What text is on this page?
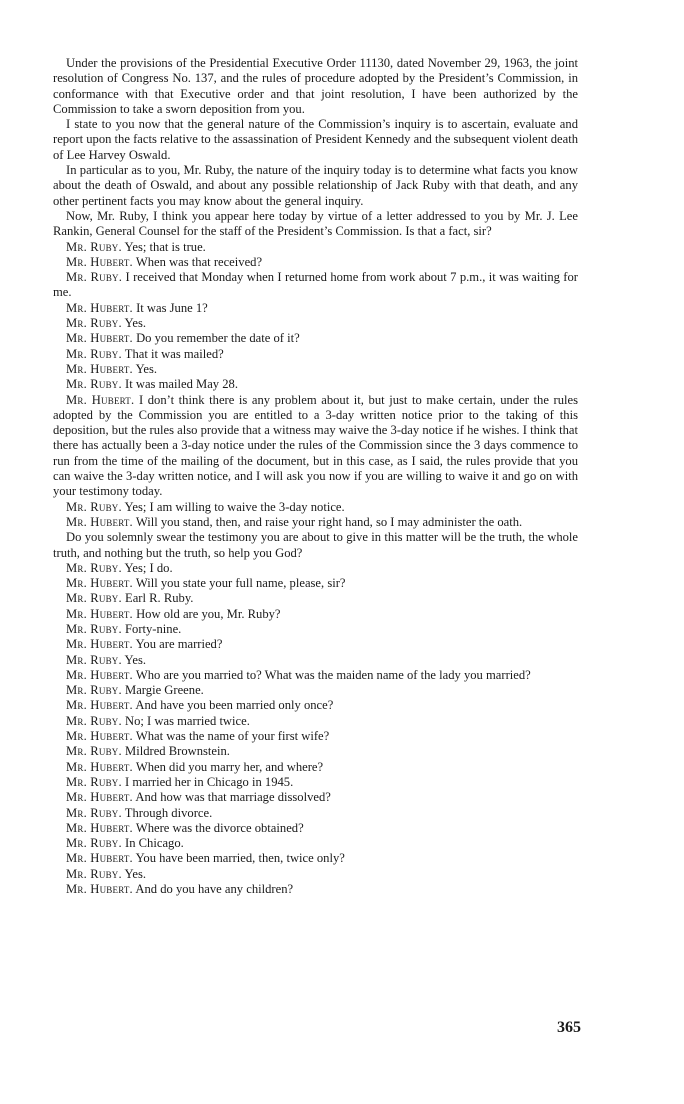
Under the provisions of the Presidential Executive Order 11130, dated November 29, 1963, the joint resolution of Congress No. 137, and the rules of procedure adopted by the President’s Commission, in conformance with that Executive order and that joint resolution, I have been authorized by the Commission to take a sworn deposition from you.

I state to you now that the general nature of the Commission’s inquiry is to ascertain, evaluate and report upon the facts relative to the assassination of President Kennedy and the subsequent violent death of Lee Harvey Oswald.

In particular as to you, Mr. Ruby, the nature of the inquiry today is to determine what facts you know about the death of Oswald, and about any possible relationship of Jack Ruby with that death, and any other pertinent facts you may know about the general inquiry.

Now, Mr. Ruby, I think you appear here today by virtue of a letter addressed to you by Mr. J. Lee Rankin, General Counsel for the staff of the President’s Commission. Is that a fact, sir?

Mr. Ruby. Yes; that is true.

Mr. Hubert. When was that received?

Mr. Ruby. I received that Monday when I returned home from work about 7 p.m., it was waiting for me.

Mr. Hubert. It was June 1?

Mr. Ruby. Yes.

Mr. Hubert. Do you remember the date of it?

Mr. Ruby. That it was mailed?

Mr. Hubert. Yes.

Mr. Ruby. It was mailed May 28.

Mr. Hubert. I don’t think there is any problem about it, but just to make certain, under the rules adopted by the Commission you are entitled to a 3-day written notice prior to the taking of this deposition, but the rules also provide that a witness may waive the 3-day notice if he wishes. I think that there has actually been a 3-day notice under the rules of the Commission since the 3 days commence to run from the time of the mailing of the document, but in this case, as I said, the rules provide that you can waive the 3-day written notice, and I will ask you now if you are willing to waive it and go on with your testimony today.

Mr. Ruby. Yes; I am willing to waive the 3-day notice.

Mr. Hubert. Will you stand, then, and raise your right hand, so I may administer the oath.

Do you solemnly swear the testimony you are about to give in this matter will be the truth, the whole truth, and nothing but the truth, so help you God?

Mr. Ruby. Yes; I do.

Mr. Hubert. Will you state your full name, please, sir?

Mr. Ruby. Earl R. Ruby.

Mr. Hubert. How old are you, Mr. Ruby?

Mr. Ruby. Forty-nine.

Mr. Hubert. You are married?

Mr. Ruby. Yes.

Mr. Hubert. Who are you married to? What was the maiden name of the lady you married?

Mr. Ruby. Margie Greene.

Mr. Hubert. And have you been married only once?

Mr. Ruby. No; I was married twice.

Mr. Hubert. What was the name of your first wife?

Mr. Ruby. Mildred Brownstein.

Mr. Hubert. When did you marry her, and where?

Mr. Ruby. I married her in Chicago in 1945.

Mr. Hubert. And how was that marriage dissolved?

Mr. Ruby. Through divorce.

Mr. Hubert. Where was the divorce obtained?

Mr. Ruby. In Chicago.

Mr. Hubert. You have been married, then, twice only?

Mr. Ruby. Yes.

Mr. Hubert. And do you have any children?

365
